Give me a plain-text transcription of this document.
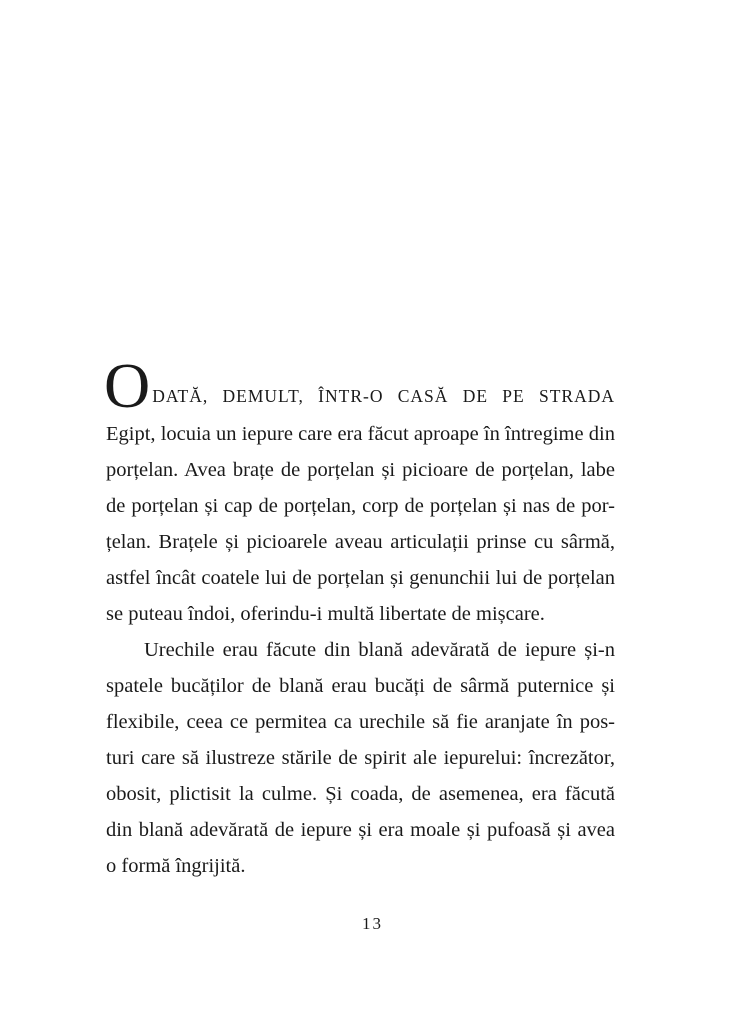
O DATĂ, DEMULT, ÎNTR-O CASĂ DE PE STRADA
Egipt, locuia un iepure care era făcut aproape în întregime din
porțelan. Avea brațe de porțelan și picioare de porțelan, labe
de porțelan și cap de porțelan, corp de porțelan și nas de por-
țelan. Brațele și picioarele aveau articulații prinse cu sârmă,
astfel încât coatele lui de porțelan și genunchii lui de porțelan
se puteau îndoi, oferindu-i multă libertate de mișcare.
Urechile erau făcute din blană adevărată de iepure și-n
spatele bucăților de blană erau bucăți de sârmă puternice și
flexibile, ceea ce permitea ca urechile să fie aranjate în pos-
turi care să ilustreze stările de spirit ale iepurelui: încrezător,
obosit, plictisit la culme. Și coada, de asemenea, era făcută
din blană adevărată de iepure și era moale și pufoasă și avea
o formă îngrijită.
13
